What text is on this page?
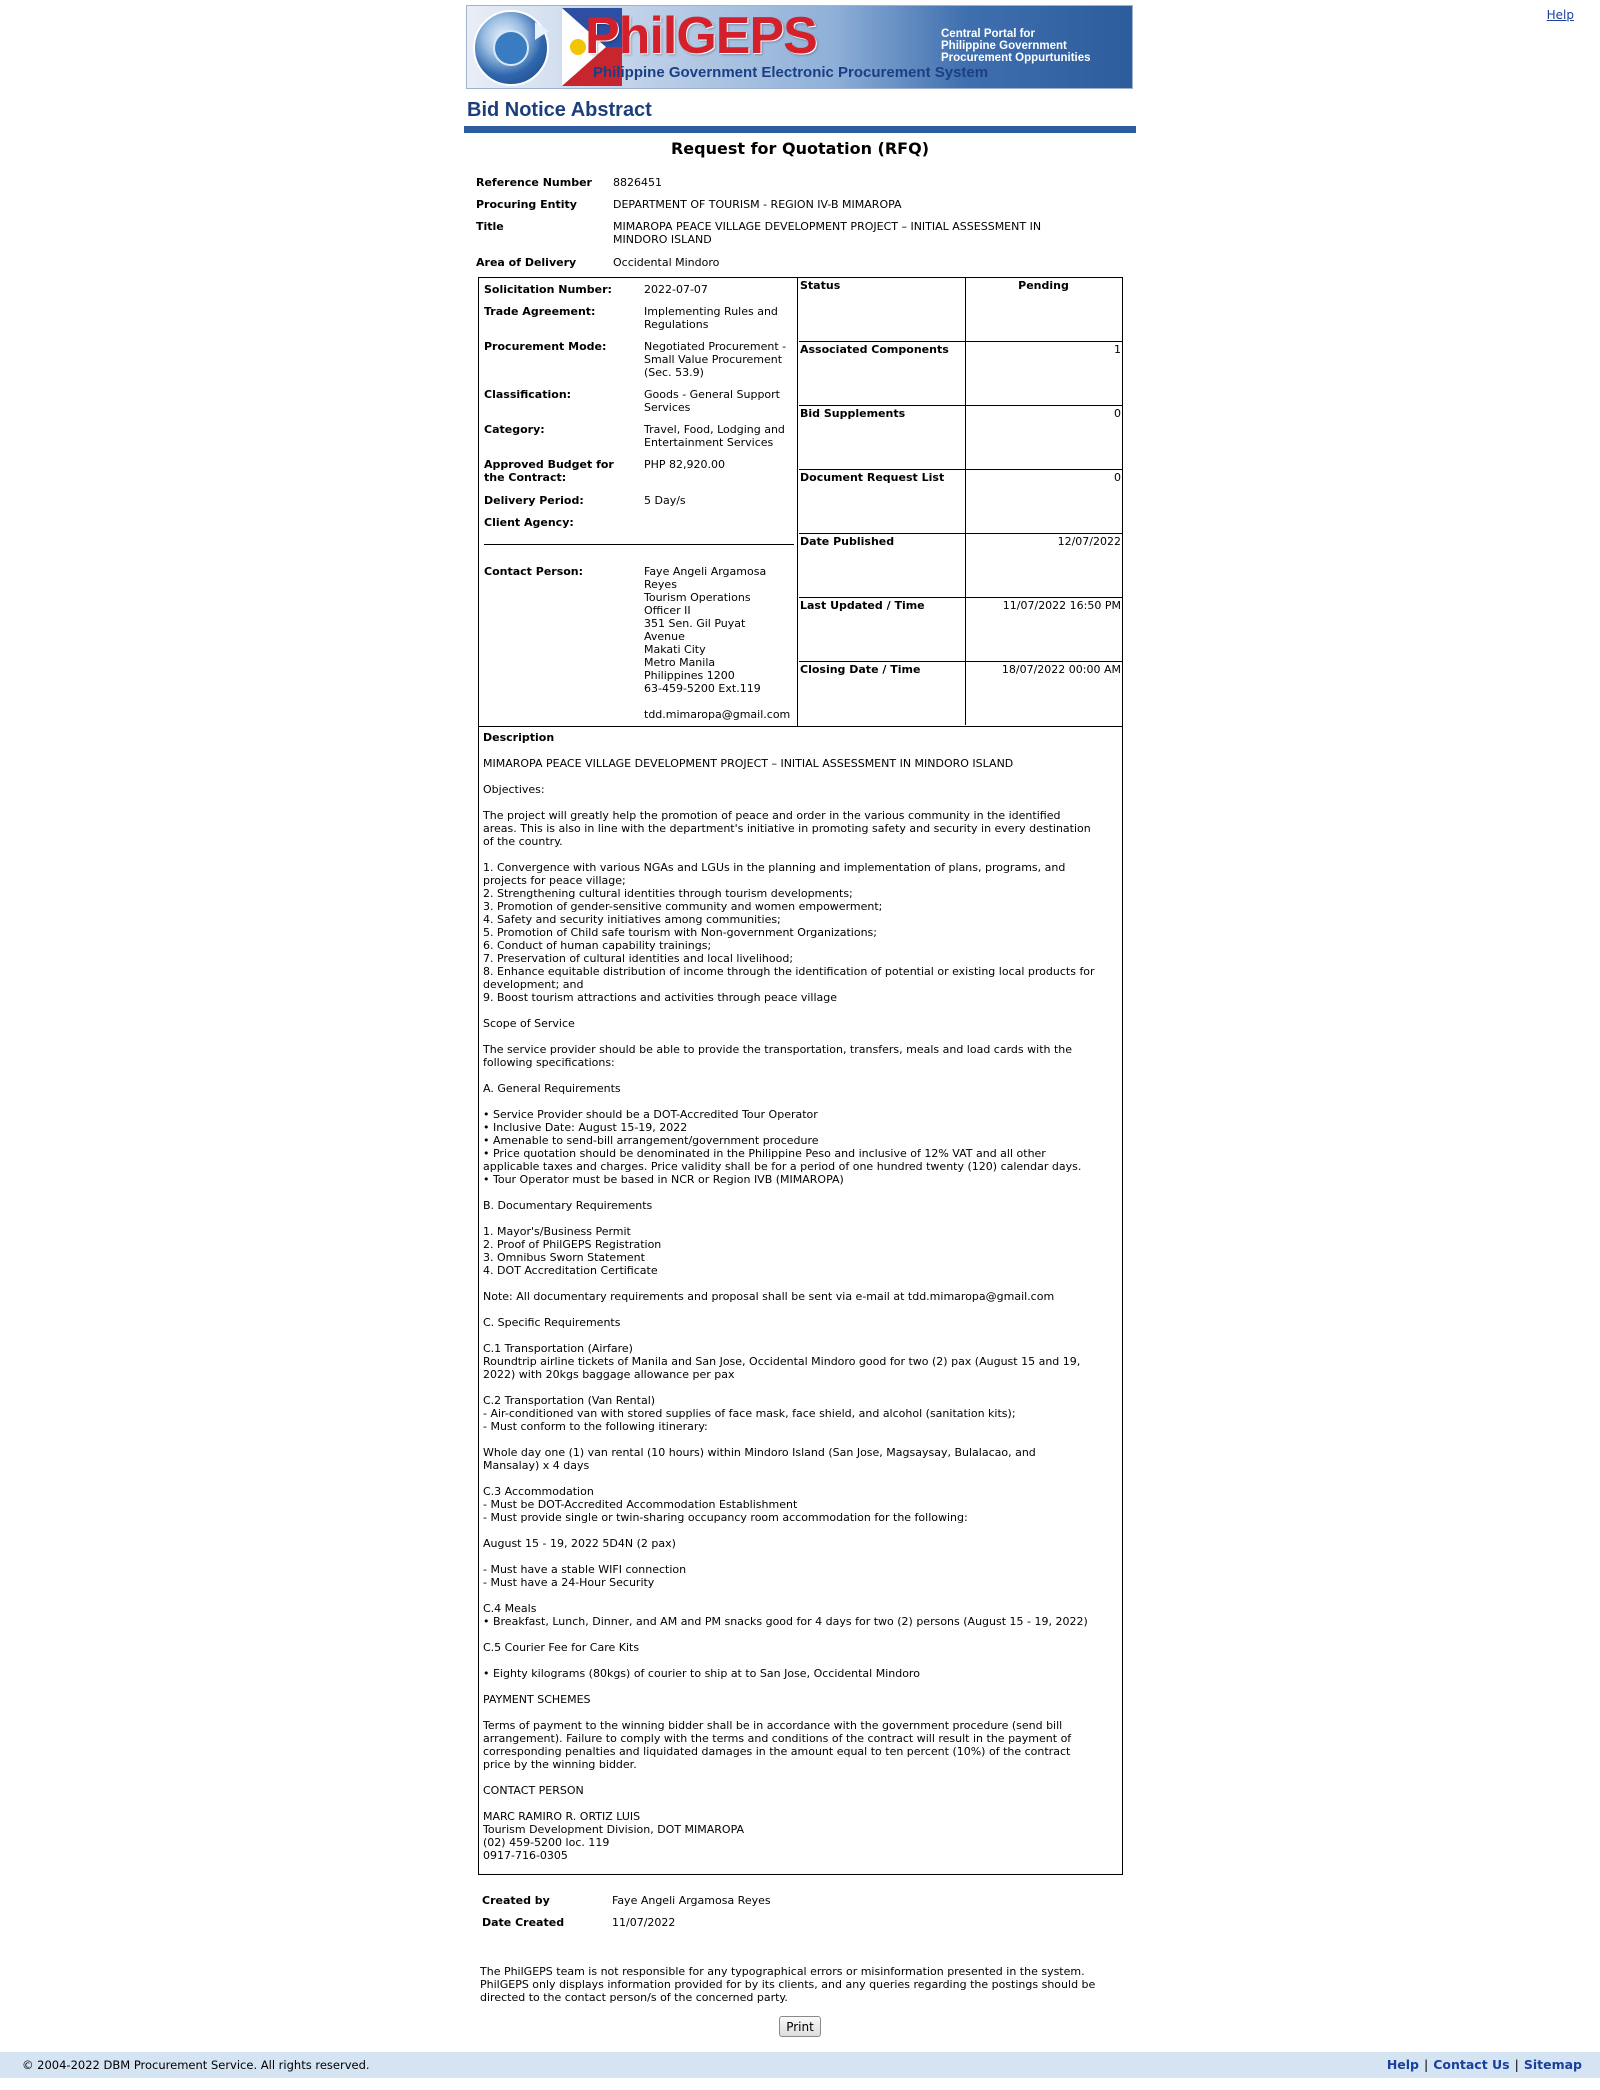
Help
PhilGEPS
Philippine Government Electronic Procurement System
Central Portal for
Philippine Government
Procurement Oppurtunities
Bid Notice Abstract
Request for Quotation (RFQ)
Reference Number	8826451
Procuring Entity	DEPARTMENT OF TOURISM - REGION IV-B MIMAROPA
Title	MIMAROPA PEACE VILLAGE DEVELOPMENT PROJECT – INITIAL ASSESSMENT IN MINDORO ISLAND
Area of Delivery	Occidental Mindoro
Solicitation Number:	2022-07-07
Trade Agreement:	Implementing Rules and Regulations
Procurement Mode:	Negotiated Procurement - Small Value Procurement (Sec. 53.9)
Classification:	Goods - General Support Services
Category:	Travel, Food, Lodging and Entertainment Services
Approved Budget for the Contract:
PHP 82,920.00
Delivery Period:	5 Day/s
Client Agency:
Contact Person:	Faye Angeli Argamosa
Reyes
Tourism Operations
Officer II
351 Sen. Gil Puyat
Avenue
Makati City
Metro Manila
Philippines 1200
63-459-5200 Ext.119
tdd.mimaropa@gmail.com
Status	Pending
Associated Components	1
Bid Supplements	0
Document Request List	0
Date Published	12/07/2022
Last Updated / Time	11/07/2022 16:50 PM
Closing Date / Time	18/07/2022 00:00 AM

Description

MIMAROPA PEACE VILLAGE DEVELOPMENT PROJECT – INITIAL ASSESSMENT IN MINDORO ISLAND

Objectives:

The project will greatly help the promotion of peace and order in the various community in the identified
areas. This is also in line with the department's initiative in promoting safety and security in every destination
of the country.

1. Convergence with various NGAs and LGUs in the planning and implementation of plans, programs, and
projects for peace village;
2. Strengthening cultural identities through tourism developments;
3. Promotion of gender-sensitive community and women empowerment;
4. Safety and security initiatives among communities;
5. Promotion of Child safe tourism with Non-government Organizations;
6. Conduct of human capability trainings;
7. Preservation of cultural identities and local livelihood;
8. Enhance equitable distribution of income through the identification of potential or existing local products for
development; and
9. Boost tourism attractions and activities through peace village

Scope of Service

The service provider should be able to provide the transportation, transfers, meals and load cards with the
following specifications:

A. General Requirements

• Service Provider should be a DOT-Accredited Tour Operator
• Inclusive Date: August 15-19, 2022
• Amenable to send-bill arrangement/government procedure
• Price quotation should be denominated in the Philippine Peso and inclusive of 12% VAT and all other
applicable taxes and charges. Price validity shall be for a period of one hundred twenty (120) calendar days.
• Tour Operator must be based in NCR or Region IVB (MIMAROPA)

B. Documentary Requirements

1. Mayor's/Business Permit
2. Proof of PhilGEPS Registration
3. Omnibus Sworn Statement
4. DOT Accreditation Certificate

Note: All documentary requirements and proposal shall be sent via e-mail at tdd.mimaropa@gmail.com

C. Specific Requirements

C.1 Transportation (Airfare)
Roundtrip airline tickets of Manila and San Jose, Occidental Mindoro good for two (2) pax (August 15 and 19,
2022) with 20kgs baggage allowance per pax

C.2 Transportation (Van Rental)
- Air-conditioned van with stored supplies of face mask, face shield, and alcohol (sanitation kits);
- Must conform to the following itinerary:

Whole day one (1) van rental (10 hours) within Mindoro Island (San Jose, Magsaysay, Bulalacao, and
Mansalay) x 4 days

C.3 Accommodation
- Must be DOT-Accredited Accommodation Establishment
- Must provide single or twin-sharing occupancy room accommodation for the following:

August 15 - 19, 2022 5D4N (2 pax)

- Must have a stable WIFI connection
- Must have a 24-Hour Security

C.4 Meals
• Breakfast, Lunch, Dinner, and AM and PM snacks good for 4 days for two (2) persons (August 15 - 19, 2022)

C.5 Courier Fee for Care Kits

• Eighty kilograms (80kgs) of courier to ship at to San Jose, Occidental Mindoro

PAYMENT SCHEMES

Terms of payment to the winning bidder shall be in accordance with the government procedure (send bill
arrangement). Failure to comply with the terms and conditions of the contract will result in the payment of
corresponding penalties and liquidated damages in the amount equal to ten percent (10%) of the contract
price by the winning bidder.

CONTACT PERSON

MARC RAMIRO R. ORTIZ LUIS
Tourism Development Division, DOT MIMAROPA
(02) 459-5200 loc. 119
0917-716-0305

Created by	Faye Angeli Argamosa Reyes
Date Created	11/07/2022
The PhilGEPS team is not responsible for any typographical errors or misinformation presented in the system.
PhilGEPS only displays information provided for by its clients, and any queries regarding the postings should be
directed to the contact person/s of the concerned party.
Print
© 2004-2022 DBM Procurement Service. All rights reserved.	Help | Contact Us | Sitemap
